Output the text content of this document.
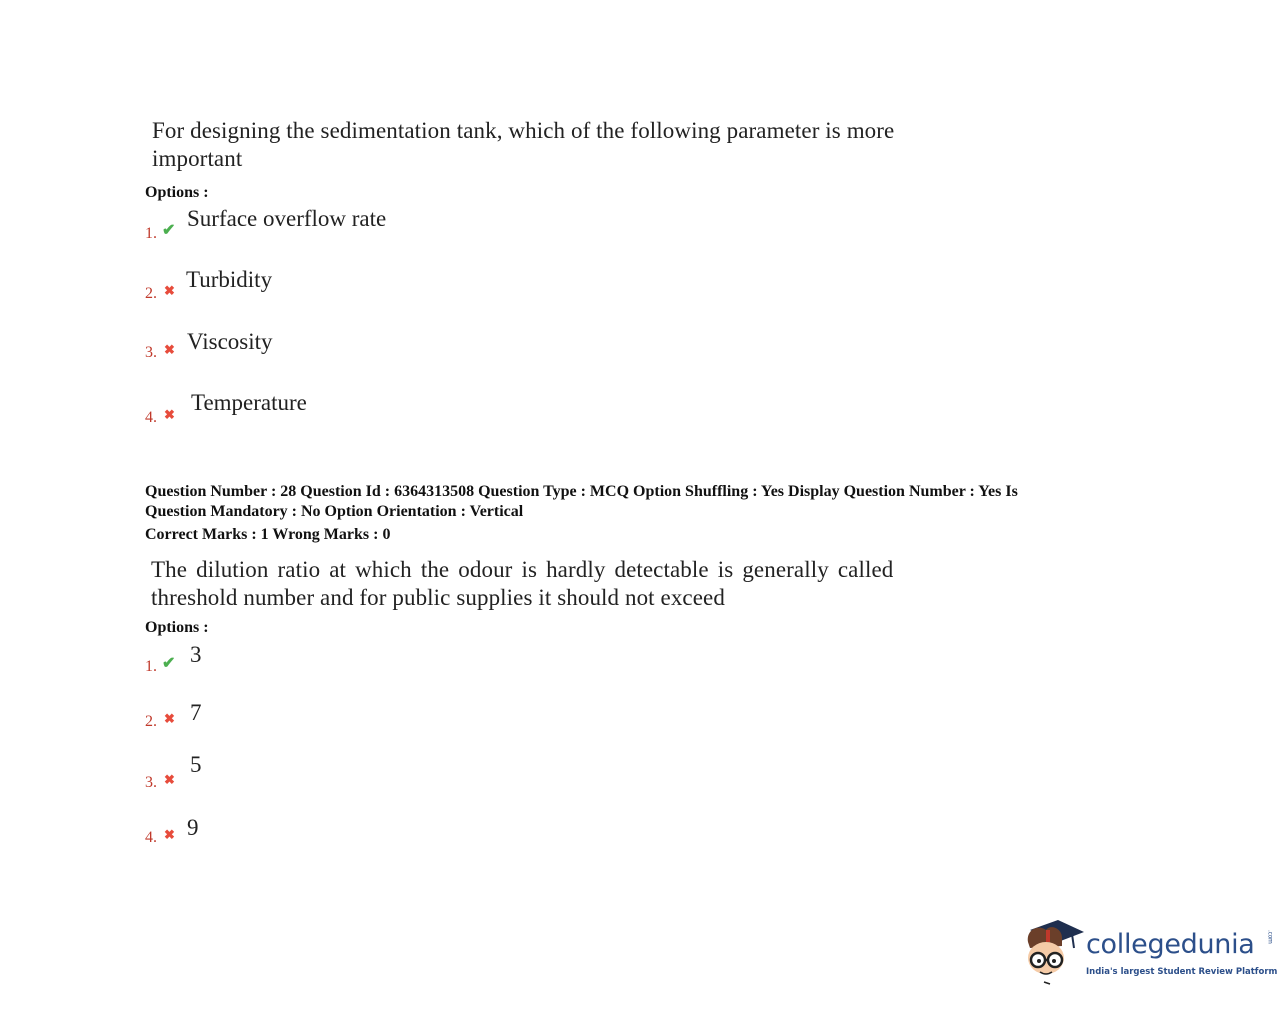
For designing the sedimentation tank, which of the following parameter is more
important
Options :
1. ✔ Surface overflow rate
2. ✖ Turbidity
3. ✖ Viscosity
4. ✖ Temperature
Question Number : 28 Question Id : 6364313508 Question Type : MCQ Option Shuffling : Yes Display Question Number : Yes Is
Question Mandatory : No Option Orientation : Vertical
Correct Marks : 1 Wrong Marks : 0
The dilution ratio at which the odour is hardly detectable is generally called
threshold number and for public supplies it should not exceed
Options :
1. ✔ 3
2. ✖ 7
3. ✖
5
4. ✖ 9
collegedunia .com
India's largest Student Review Platform
